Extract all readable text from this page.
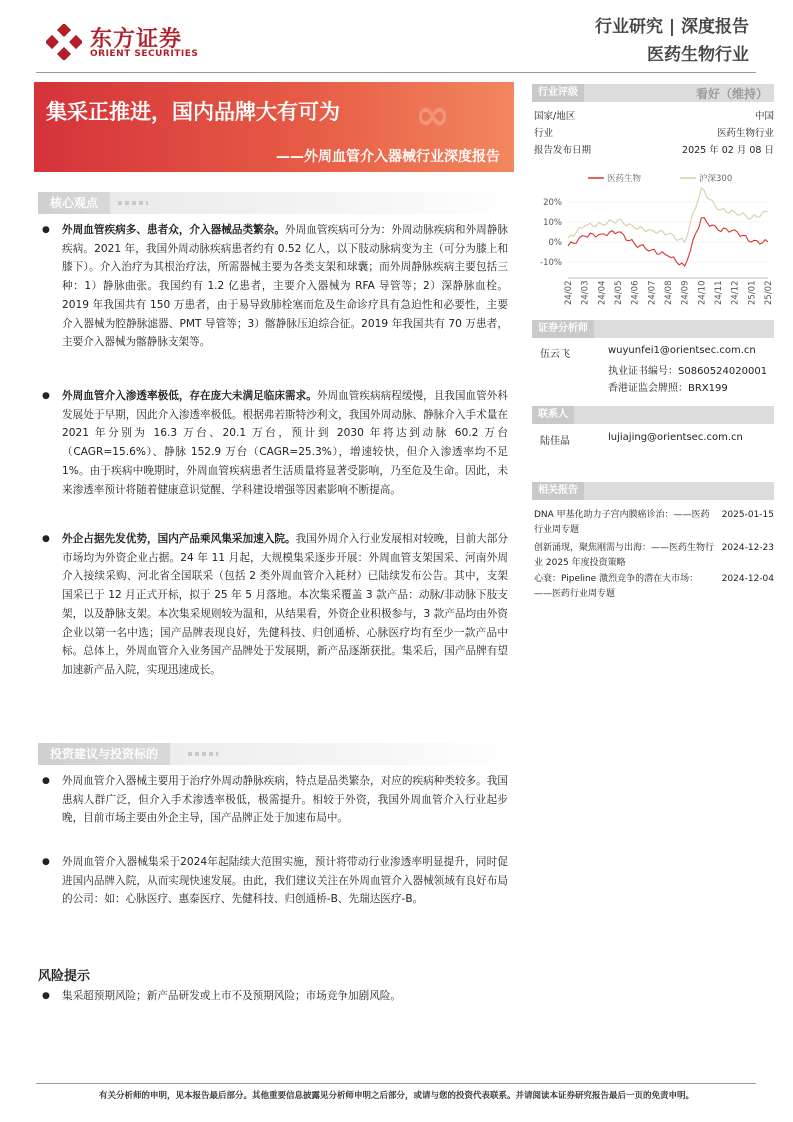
东方证券
ORIENT SECURITIES
行业研究 | 深度报告
医药生物行业
∞
集采正推进，国内品牌大有可为
——外周血管介入器械行业深度报告
行业评级	看好（维持）
国家/地区	中国
行业	医药生物行业
报告发布日期	2025 年 02 月 08 日
医药生物	沪深300
20%
10%
0%
-10%
24/02 24/03 24/04 24/05 24/06 24/07 24/08 24/09 24/10 24/11 24/12 25/01 25/02
证券分析师
伍云飞	wuyunfei1@orientsec.com.cn
执业证书编号：S0860524020001
香港证监会牌照：BRX199
联系人
陆佳晶	lujiajing@orientsec.com.cn
相关报告
DNA 甲基化助力子宫内膜癌诊治：——医药行业周专题
2025-01-15
创新涌现，聚焦刚需与出海：——医药生物行业 2025 年度投资策略
2024-12-23
心衰：Pipeline 激烈竞争的潜在大市场：——医药行业周专题
2024-12-04
核心观点
● 外周血管疾病多、患者众，介入器械品类繁杂。外周血管疾病可分为：外周动脉疾病和外周静脉疾病。2021 年，我国外周动脉疾病患者约有 0.52 亿人，以下肢动脉病变为主（可分为膝上和膝下）。介入治疗为其根治疗法，所需器械主要为各类支架和球囊；而外周静脉疾病主要包括三种：1）静脉曲张。我国约有 1.2 亿患者，主要介入器械为 RFA 导管等；2）深静脉血栓。2019 年我国共有 150 万患者，由于易导致肺栓塞而危及生命诊疗具有急迫性和必要性，主要介入器械为腔静脉滤器、PMT 导管等；3）髂静脉压迫综合征。2019 年我国共有 70 万患者，主要介入器械为髂静脉支架等。
● 外周血管介入渗透率极低，存在庞大未满足临床需求。外周血管疾病病程缓慢，且我国血管外科发展处于早期，因此介入渗透率极低。根据弗若斯特沙利文，我国外周动脉、静脉介入手术量在 2021 年分别为 16.3 万台、20.1 万台，预计到 2030 年将达到动脉 60.2 万台（CAGR=15.6%）、静脉 152.9 万台（CAGR=25.3%），增速较快，但介入渗透率均不足 1%。由于疾病中晚期时，外周血管疾病患者生活质量将显著受影响，乃至危及生命。因此，未来渗透率预计将随着健康意识觉醒、学科建设增强等因素影响不断提高。
● 外企占据先发优势，国内产品乘风集采加速入院。我国外周介入行业发展相对较晚，目前大部分市场均为外资企业占据。24 年 11 月起，大规模集采逐步开展：外周血管支架国采、河南外周介入接续采购、河北省全国联采（包括 2 类外周血管介入耗材）已陆续发布公告。其中，支架国采已于 12 月正式开标，拟于 25 年 5 月落地。本次集采覆盖 3 款产品：动脉/非动脉下肢支架，以及静脉支架。本次集采规则较为温和，从结果看，外资企业积极参与，3 款产品均由外资企业以第一名中选；国产品牌表现良好，先健科技、归创通桥、心脉医疗均有至少一款产品中标。总体上，外周血管介入业务国产品牌处于发展期，新产品逐渐获批。集采后，国产品牌有望加速新产品入院，实现迅速成长。
投资建议与投资标的
● 外周血管介入器械主要用于治疗外周动静脉疾病，特点是品类繁杂，对应的疾病种类较多。我国患病人群广泛，但介入手术渗透率极低，极需提升。相较于外资，我国外周血管介入行业起步晚，目前市场主要由外企主导，国产品牌正处于加速布局中。
● 外周血管介入器械集采于2024年起陆续大范围实施，预计将带动行业渗透率明显提升，同时促进国内品牌入院，从而实现快速发展。由此，我们建议关注在外周血管介入器械领域有良好布局的公司：如：心脉医疗、惠泰医疗、先健科技、归创通桥-B、先瑞达医疗-B。
风险提示
● 集采超预期风险；新产品研发或上市不及预期风险；市场竞争加剧风险。
有关分析师的申明，见本报告最后部分。其他重要信息披露见分析师申明之后部分，或请与您的投资代表联系。并请阅读本证券研究报告最后一页的免责申明。
